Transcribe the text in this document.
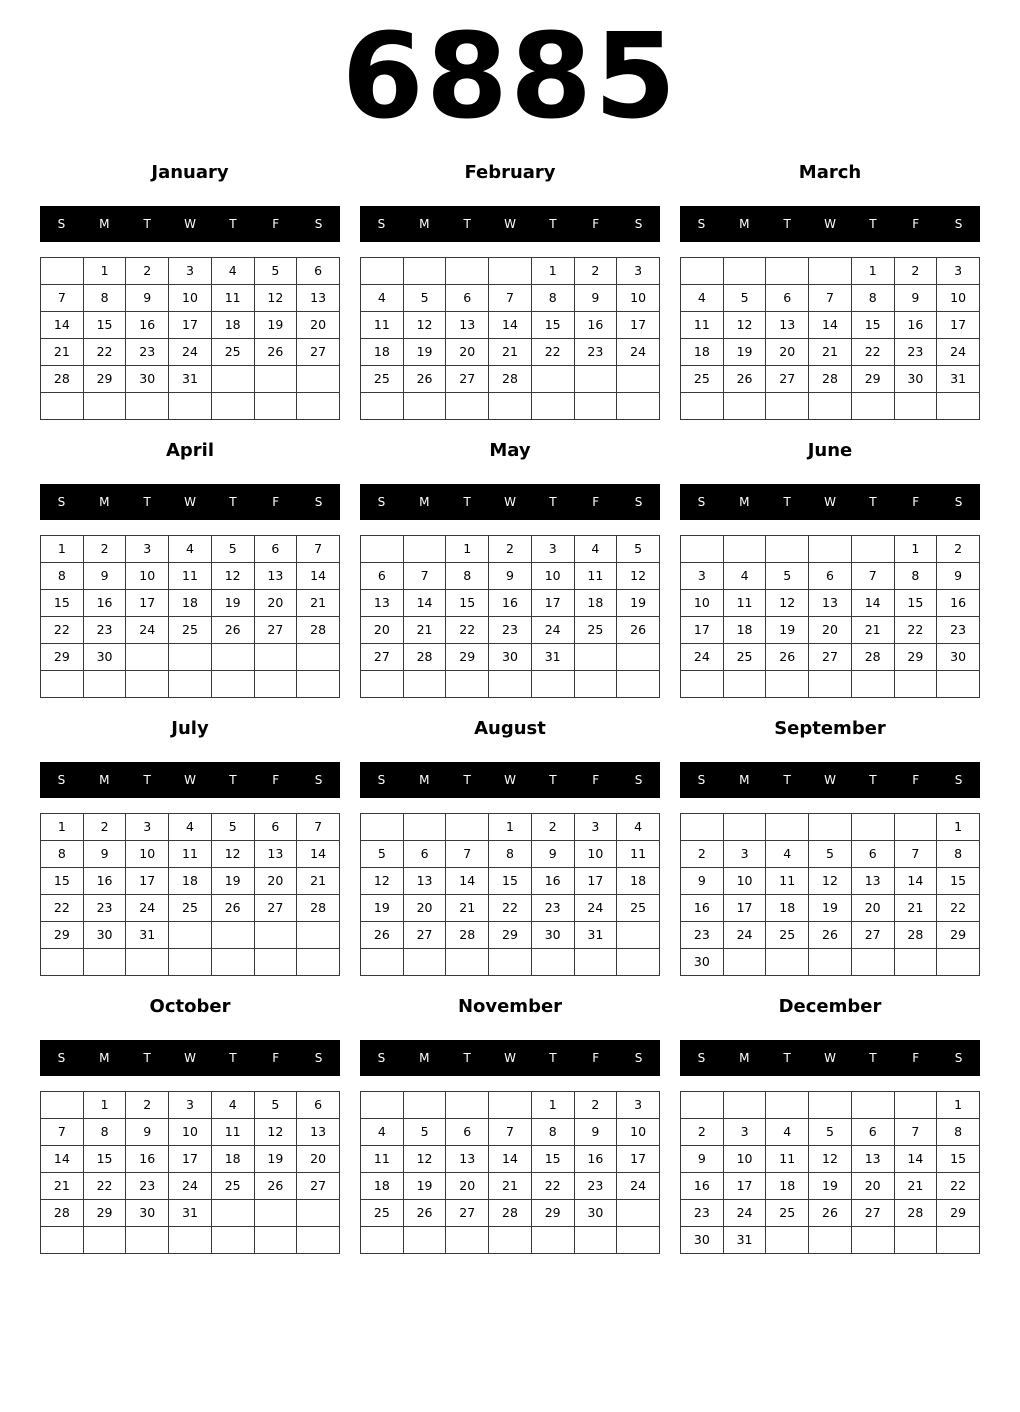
6885
January
S	M	T	W	T	F	S
	1	2	3	4	5	6
7	8	9	10	11	12	13
14	15	16	17	18	19	20
21	22	23	24	25	26	27
28	29	30	31			

February
S	M	T	W	T	F	S
				1	2	3
4	5	6	7	8	9	10
11	12	13	14	15	16	17
18	19	20	21	22	23	24
25	26	27	28			

March
S	M	T	W	T	F	S
				1	2	3
4	5	6	7	8	9	10
11	12	13	14	15	16	17
18	19	20	21	22	23	24
25	26	27	28	29	30	31

April
S	M	T	W	T	F	S
1	2	3	4	5	6	7
8	9	10	11	12	13	14
15	16	17	18	19	20	21
22	23	24	25	26	27	28
29	30					

May
S	M	T	W	T	F	S
		1	2	3	4	5
6	7	8	9	10	11	12
13	14	15	16	17	18	19
20	21	22	23	24	25	26
27	28	29	30	31		

June
S	M	T	W	T	F	S
					1	2
3	4	5	6	7	8	9
10	11	12	13	14	15	16
17	18	19	20	21	22	23
24	25	26	27	28	29	30

July
S	M	T	W	T	F	S
1	2	3	4	5	6	7
8	9	10	11	12	13	14
15	16	17	18	19	20	21
22	23	24	25	26	27	28
29	30	31				

August
S	M	T	W	T	F	S
			1	2	3	4
5	6	7	8	9	10	11
12	13	14	15	16	17	18
19	20	21	22	23	24	25
26	27	28	29	30	31	

September
S	M	T	W	T	F	S
						1
2	3	4	5	6	7	8
9	10	11	12	13	14	15
16	17	18	19	20	21	22
23	24	25	26	27	28	29
30						
October
S	M	T	W	T	F	S
	1	2	3	4	5	6
7	8	9	10	11	12	13
14	15	16	17	18	19	20
21	22	23	24	25	26	27
28	29	30	31			

November
S	M	T	W	T	F	S
				1	2	3
4	5	6	7	8	9	10
11	12	13	14	15	16	17
18	19	20	21	22	23	24
25	26	27	28	29	30	

December
S	M	T	W	T	F	S
						1
2	3	4	5	6	7	8
9	10	11	12	13	14	15
16	17	18	19	20	21	22
23	24	25	26	27	28	29
30	31					
